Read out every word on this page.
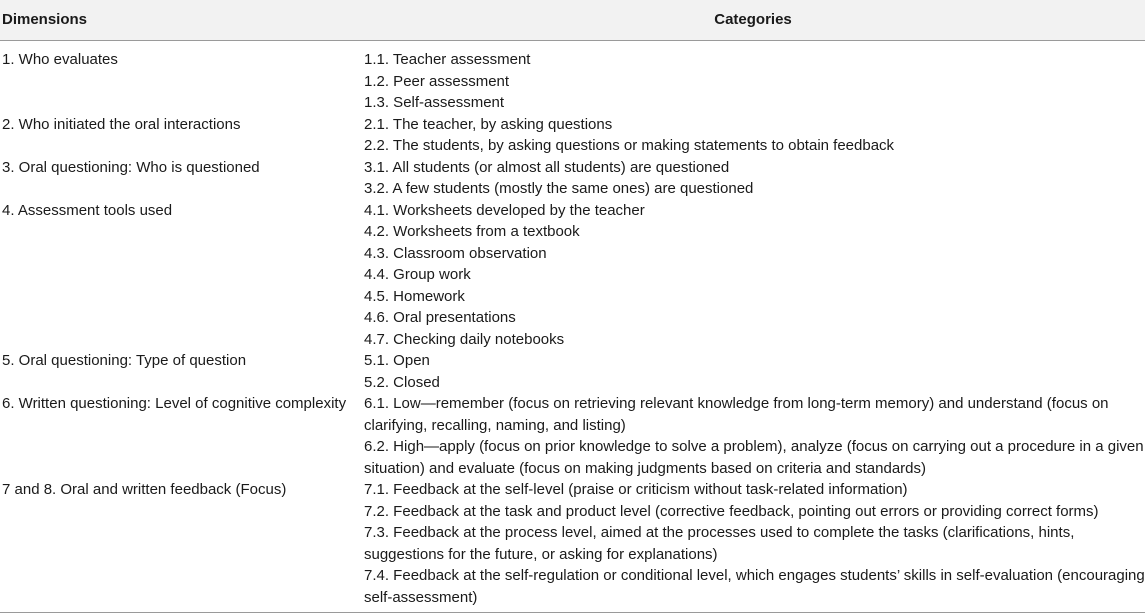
Dimensions	Categories
1. Who evaluates	1.1. Teacher assessment
1.2. Peer assessment
1.3. Self-assessment
2. Who initiated the oral interactions	2.1. The teacher, by asking questions
2.2. The students, by asking questions or making statements to obtain feedback
3. Oral questioning: Who is questioned	3.1. All students (or almost all students) are questioned
3.2. A few students (mostly the same ones) are questioned
4. Assessment tools used	4.1. Worksheets developed by the teacher
4.2. Worksheets from a textbook
4.3. Classroom observation
4.4. Group work
4.5. Homework
4.6. Oral presentations
4.7. Checking daily notebooks
5. Oral questioning: Type of question	5.1. Open
5.2. Closed
6. Written questioning: Level of cognitive complexity	6.1. Low—remember (focus on retrieving relevant knowledge from long-term memory) and understand (focus on clarifying, recalling, naming, and listing)
6.2. High—apply (focus on prior knowledge to solve a problem), analyze (focus on carrying out a procedure in a given situation) and evaluate (focus on making judgments based on criteria and standards)
7 and 8. Oral and written feedback (Focus)	7.1. Feedback at the self-level (praise or criticism without task-related information)
7.2. Feedback at the task and product level (corrective feedback, pointing out errors or providing correct forms)
7.3. Feedback at the process level, aimed at the processes used to complete the tasks (clarifications, hints, suggestions for the future, or asking for explanations)
7.4. Feedback at the self-regulation or conditional level, which engages students’ skills in self-evaluation (encouraging self-assessment)
